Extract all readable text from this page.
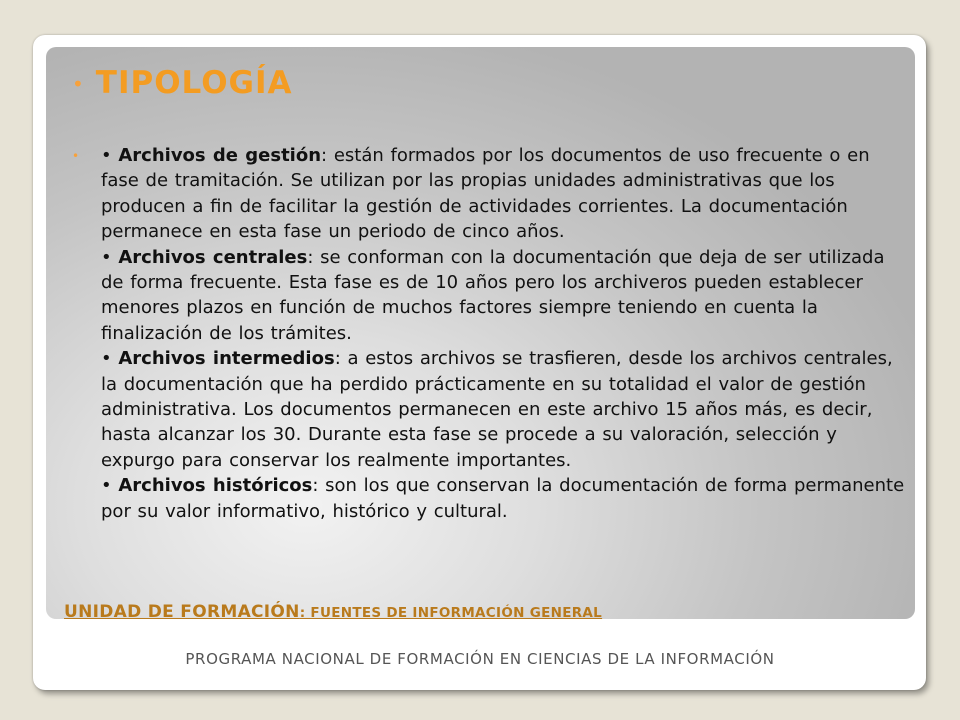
• TIPOLOGÍA
• • Archivos de gestión: están formados por los documentos de uso frecuente o en fase de tramitación. Se utilizan por las propias unidades administrativas que los producen a fin de facilitar la gestión de actividades corrientes. La documentación permanece en esta fase un periodo de cinco años.

• Archivos centrales: se conforman con la documentación que deja de ser utilizada de forma frecuente. Esta fase es de 10 años pero los archiveros pueden establecer menores plazos en función de muchos factores siempre teniendo en cuenta la finalización de los trámites.

• Archivos intermedios: a estos archivos se trasfieren, desde los archivos centrales, la documentación que ha perdido prácticamente en su totalidad el valor de gestión administrativa. Los documentos permanecen en este archivo 15 años más, es decir, hasta alcanzar los 30. Durante esta fase se procede a su valoración, selección y expurgo para conservar los realmente importantes.

• Archivos históricos: son los que conservan la documentación de forma permanente por su valor informativo, histórico y cultural.

UNIDAD DE FORMACIÓN: FUENTES DE INFORMACIÓN GENERAL
PROGRAMA NACIONAL DE FORMACIÓN EN CIENCIAS DE LA INFORMACIÓN
